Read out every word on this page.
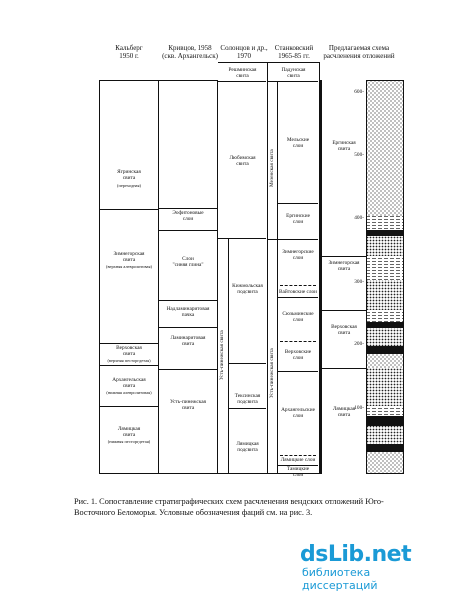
Кальберг
1950 г.
Кривцов, 1958
(скв. Архангельск)
Солонцов и др.,
1970
Станковский
1965-85 гг.
Предлагаемая схема
расчленения отложений
Ягринская
свита
(переходная)
Зимнегорская
свита
(верхняя алевролитовая)
Верховская
свита
(верхняя песторгдетая)
Архангельская
свита
(нижняя алевролитовая)
Лямицкая
свита
(нижняя песторгдетая)
Эофитоновые
слои
Слои
"синяя глина"
Надламинаритовая
пачка
Ламинаритовая
свита
Усть-пинежская
свита
Решминская
свита
Любимская
свита
Усть-пинежская свита
Кижмольская
подсвита
Тексинская
подсвита
Лямицкая
подсвита
Падунская
свита
Мезенская свита
Усть-пинежская свита
Мельские
слои
Ергинские
слои
Зимнегорские
слои
Вайтовские слои
Сюзьминские
слои
Верховские
слои
Архангельские
слои
Лямицкие слои
Тамицкие
слои
Ергинская
свита
Зимнегорская
свита
Верховская
свита
Лямицкая
свита
600-
500-
400-
300-
200-
100-
Рис. 1. Сопоставление стратиграфических схем расчленения вендских отложений Юго-Восточного Беломорья. Условные обозначения фаций см. на рис. 3.
dsLib.net
библиотека диссертаций
